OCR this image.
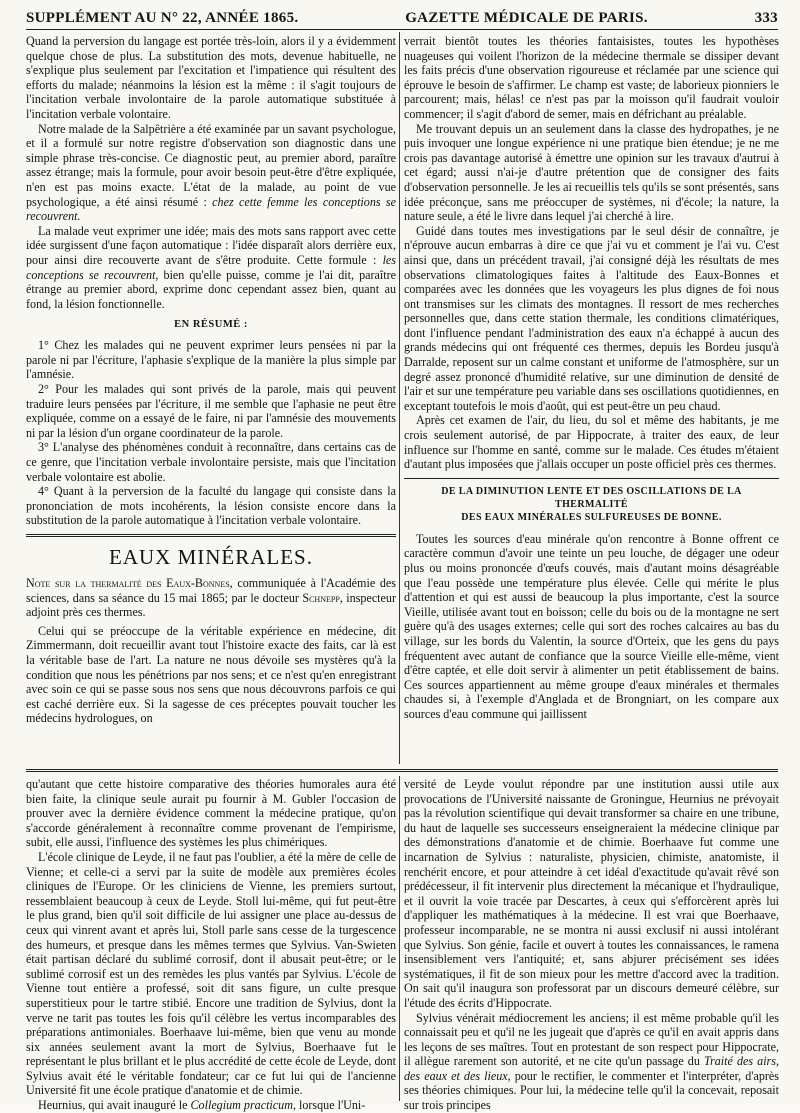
SUPPLÉMENT AU N° 22, ANNÉE 1865.	GAZETTE MÉDICALE DE PARIS.	333

Quand la perversion du langage est portée très-loin, alors il y a évidemment quelque chose de plus. La substitution des mots, devenue habituelle, ne s'explique plus seulement par l'excitation et l'impatience qui résultent des efforts du malade; néanmoins la lésion est la même : il s'agit toujours de l'incitation verbale involontaire de la parole automatique substituée à l'incitation verbale volontaire.

Notre malade de la Salpêtrière a été examinée par un savant psychologue, et il a formulé sur notre registre d'observation son diagnostic dans une simple phrase très-concise. Ce diagnostic peut, au premier abord, paraître assez étrange; mais la formule, pour avoir besoin peut-être d'être expliquée, n'en est pas moins exacte. L'état de la malade, au point de vue psychologique, a été ainsi résumé : chez cette femme les conceptions se recouvrent.

La malade veut exprimer une idée; mais des mots sans rapport avec cette idée surgissent d'une façon automatique : l'idée disparaît alors derrière eux, pour ainsi dire recouverte avant de s'être produite. Cette formule : les conceptions se recouvrent, bien qu'elle puisse, comme je l'ai dit, paraître étrange au premier abord, exprime donc cependant assez bien, quant au fond, la lésion fonctionnelle.

EN RÉSUMÉ :

1° Chez les malades qui ne peuvent exprimer leurs pensées ni par la parole ni par l'écriture, l'aphasie s'explique de la manière la plus simple par l'amnésie.

2° Pour les malades qui sont privés de la parole, mais qui peuvent traduire leurs pensées par l'écriture, il me semble que l'aphasie ne peut être expliquée, comme on a essayé de le faire, ni par l'amnésie des mouvements ni par la lésion d'un organe coordinateur de la parole.

3° L'analyse des phénomènes conduit à reconnaître, dans certains cas de ce genre, que l'incitation verbale involontaire persiste, mais que l'incitation verbale volontaire est abolie.

4° Quant à la perversion de la faculté du langage qui consiste dans la prononciation de mots incohérents, la lésion consiste encore dans la substitution de la parole automatique à l'incitation verbale volontaire.

EAUX MINÉRALES.

Note sur la thermalité des Eaux-Bonnes, communiquée à l'Académie des sciences, dans sa séance du 15 mai 1865; par le docteur Schnepp, inspecteur adjoint près ces thermes.

Celui qui se préoccupe de la véritable expérience en médecine, dit Zimmermann, doit recueillir avant tout l'histoire exacte des faits, car là est la véritable base de l'art. La nature ne nous dévoile ses mystères qu'à la condition que nous les pénétrions par nos sens; et ce n'est qu'en enregistrant avec soin ce qui se passe sous nos sens que nous découvrons parfois ce qui est caché derrière eux. Si la sagesse de ces préceptes pouvait toucher les médecins hydrologues, on

verrait bientôt toutes les théories fantaisistes, toutes les hypothèses nuageuses qui voilent l'horizon de la médecine thermale se dissiper devant les faits précis d'une observation rigoureuse et réclamée par une science qui éprouve le besoin de s'affirmer. Le champ est vaste; de laborieux pionniers le parcourent; mais, hélas! ce n'est pas par la moisson qu'il faudrait vouloir commencer; il s'agit d'abord de semer, mais en défrichant au préalable.

Me trouvant depuis un an seulement dans la classe des hydropathes, je ne puis invoquer une longue expérience ni une pratique bien étendue; je ne me crois pas davantage autorisé à émettre une opinion sur les travaux d'autrui à cet égard; aussi n'ai-je d'autre prétention que de consigner des faits d'observation personnelle. Je les ai recueillis tels qu'ils se sont présentés, sans idée préconçue, sans me préoccuper de systèmes, ni d'école; la nature, la nature seule, a été le livre dans lequel j'ai cherché à lire.

Guidé dans toutes mes investigations par le seul désir de connaître, je n'éprouve aucun embarras à dire ce que j'ai vu et comment je l'ai vu. C'est ainsi que, dans un précédent travail, j'ai consigné déjà les résultats de mes observations climatologiques faites à l'altitude des Eaux-Bonnes et comparées avec les données que les voyageurs les plus dignes de foi nous ont transmises sur les climats des montagnes. Il ressort de mes recherches personnelles que, dans cette station thermale, les conditions climatériques, dont l'influence pendant l'administration des eaux n'a échappé à aucun des grands médecins qui ont fréquenté ces thermes, depuis les Bordeu jusqu'à Darralde, reposent sur un calme constant et uniforme de l'atmosphère, sur un degré assez prononcé d'humidité relative, sur une diminution de densité de l'air et sur une température peu variable dans ses oscillations quotidiennes, en exceptant toutefois le mois d'août, qui est peut-être un peu chaud.

Après cet examen de l'air, du lieu, du sol et même des habitants, je me crois seulement autorisé, de par Hippocrate, à traiter des eaux, de leur influence sur l'homme en santé, comme sur le malade. Ces études m'étaient d'autant plus imposées que j'allais occuper un poste officiel près ces thermes.

DE LA DIMINUTION LENTE ET DES OSCILLATIONS DE LA THERMALITÉ
DES EAUX MINÉRALES SULFUREUSES DE BONNE.

Toutes les sources d'eau minérale qu'on rencontre à Bonne offrent ce caractère commun d'avoir une teinte un peu louche, de dégager une odeur plus ou moins prononcée d'œufs couvés, mais d'autant moins désagréable que l'eau possède une température plus élevée. Celle qui mérite le plus d'attention et qui est aussi de beaucoup la plus importante, c'est la source Vieille, utilisée avant tout en boisson; celle du bois ou de la montagne ne sert guère qu'à des usages externes; celle qui sort des roches calcaires au bas du village, sur les bords du Valentin, la source d'Orteix, que les gens du pays fréquentent avec autant de confiance que la source Vieille elle-même, vient d'être captée, et elle doit servir à alimenter un petit établissement de bains. Ces sources appartiennent au même groupe d'eaux minérales et thermales chaudes si, à l'exemple d'Anglada et de Brongniart, on les compare aux sources d'eau commune qui jaillissent

qu'autant que cette histoire comparative des théories humorales aura été bien faite, la clinique seule aurait pu fournir à M. Gubler l'occasion de prouver avec la dernière évidence comment la médecine pratique, qu'on s'accorde généralement à reconnaître comme provenant de l'empirisme, subit, elle aussi, l'influence des systèmes les plus chimériques.

L'école clinique de Leyde, il ne faut pas l'oublier, a été la mère de celle de Vienne; et celle-ci a servi par la suite de modèle aux premières écoles cliniques de l'Europe. Or les cliniciens de Vienne, les premiers surtout, ressemblaient beaucoup à ceux de Leyde. Stoll lui-même, qui fut peut-être le plus grand, bien qu'il soit difficile de lui assigner une place au-dessus de ceux qui vinrent avant et après lui, Stoll parle sans cesse de la turgescence des humeurs, et presque dans les mêmes termes que Sylvius. Van-Swieten était partisan déclaré du sublimé corrosif, dont il abusait peut-être; or le sublimé corrosif est un des remèdes les plus vantés par Sylvius. L'école de Vienne tout entière a professé, soit dit sans figure, un culte presque superstitieux pour le tartre stibié. Encore une tradition de Sylvius, dont la verve ne tarit pas toutes les fois qu'il célèbre les vertus incomparables des préparations antimoniales. Boerhaave lui-même, bien que venu au monde six années seulement avant la mort de Sylvius, Boerhaave fut le représentant le plus brillant et le plus accrédité de cette école de Leyde, dont Sylvius avait été le véritable fondateur; car ce fut lui qui de l'ancienne Université fit une école pratique d'anatomie et de chimie.

Heurnius, qui avait inauguré le Collegium practicum, lorsque l'Uni-

versité de Leyde voulut répondre par une institution aussi utile aux provocations de l'Université naissante de Groningue, Heurnius ne prévoyait pas la révolution scientifique qui devait transformer sa chaire en une tribune, du haut de laquelle ses successeurs enseigneraient la médecine clinique par des démonstrations d'anatomie et de chimie. Boerhaave fut comme une incarnation de Sylvius : naturaliste, physicien, chimiste, anatomiste, il renchérit encore, et pour atteindre à cet idéal d'exactitude qu'avait rêvé son prédécesseur, il fit intervenir plus directement la mécanique et l'hydraulique, et il ouvrit la voie tracée par Descartes, à ceux qui s'efforcèrent après lui d'appliquer les mathématiques à la médecine. Il est vrai que Boerhaave, professeur incomparable, ne se montra ni aussi exclusif ni aussi intolérant que Sylvius. Son génie, facile et ouvert à toutes les connaissances, le ramena insensiblement vers l'antiquité; et, sans abjurer précisément ses idées systématiques, il fit de son mieux pour les mettre d'accord avec la tradition. On sait qu'il inaugura son professorat par un discours demeuré célèbre, sur l'étude des écrits d'Hippocrate.

Sylvius vénérait médiocrement les anciens; il est même probable qu'il les connaissait peu et qu'il ne les jugeait que d'après ce qu'il en avait appris dans les leçons de ses maîtres. Tout en protestant de son respect pour Hippocrate, il allègue rarement son autorité, et ne cite qu'un passage du Traité des airs, des eaux et des lieux, pour le rectifier, le commenter et l'interpréter, d'après ses théories chimiques. Pour lui, la médecine telle qu'il la concevait, reposait sur trois principes
